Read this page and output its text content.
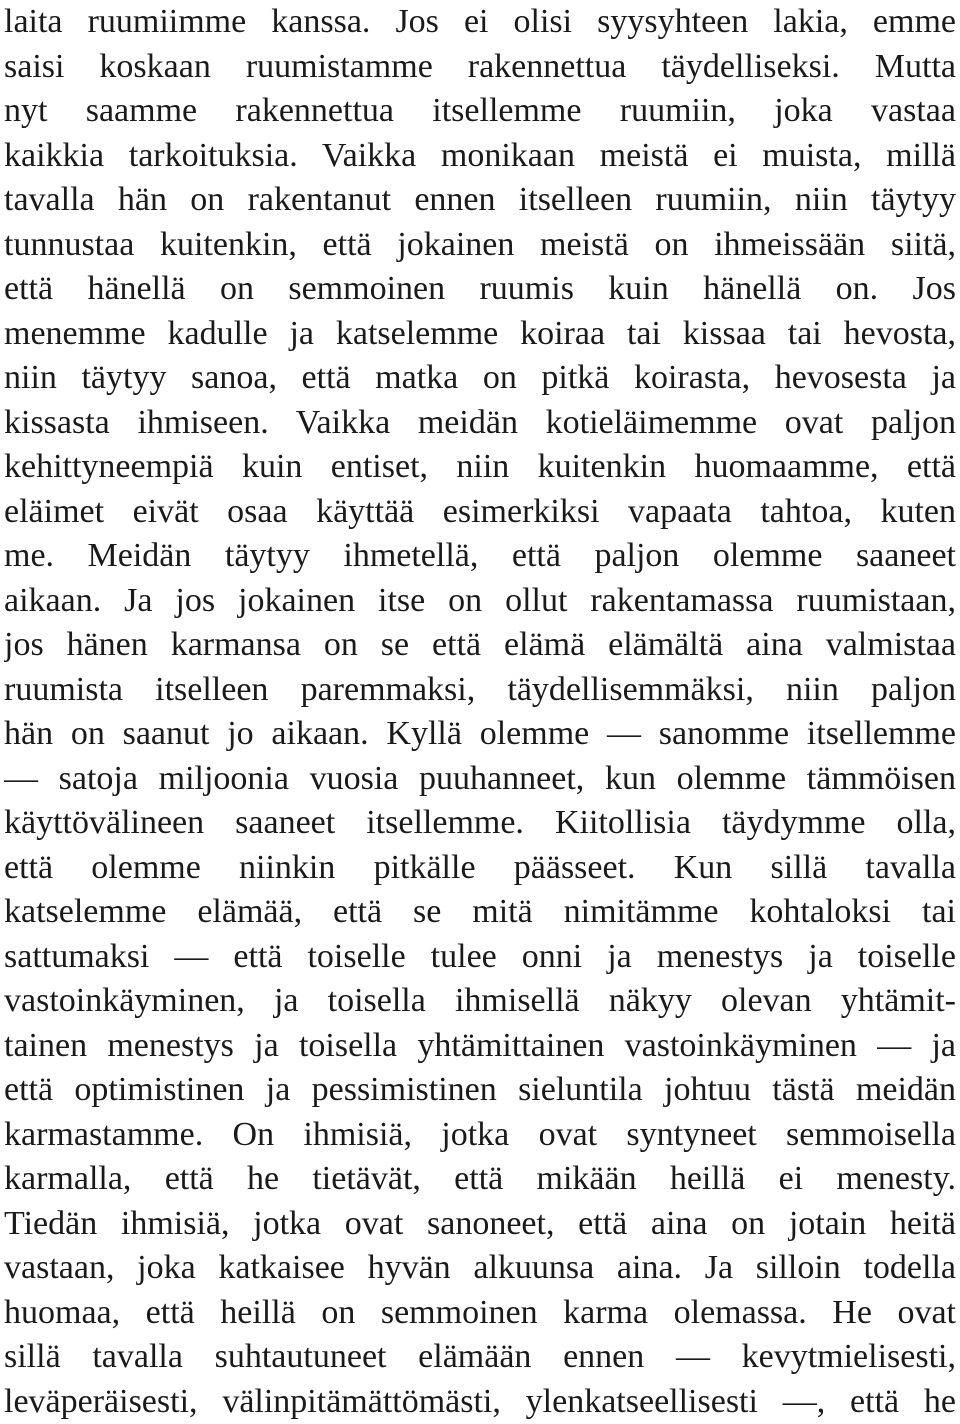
laita ruumiimme kanssa. Jos ei olisi syysyhteen lakia, emme
saisi koskaan ruumistamme rakennettua täydelliseksi. Mutta
nyt saamme rakennettua itsellemme ruumiin, joka vastaa
kaikkia tarkoituksia. Vaikka monikaan meistä ei muista, millä
tavalla hän on rakentanut ennen itselleen ruumiin, niin täytyy
tunnustaa kuitenkin, että jokainen meistä on ihmeissään siitä,
että hänellä on semmoinen ruumis kuin hänellä on. Jos
menemme kadulle ja katselemme koiraa tai kissaa tai hevosta,
niin täytyy sanoa, että matka on pitkä koirasta, hevosesta ja
kissasta ihmiseen. Vaikka meidän kotieläimemme ovat paljon
kehittyneempiä kuin entiset, niin kuitenkin huomaamme, että
eläimet eivät osaa käyttää esimerkiksi vapaata tahtoa, kuten
me. Meidän täytyy ihmetellä, että paljon olemme saaneet
aikaan. Ja jos jokainen itse on ollut rakentamassa ruumistaan,
jos hänen karmansa on se että elämä elämältä aina valmistaa
ruumista itselleen paremmaksi, täydellisemmäksi, niin paljon
hän on saanut jo aikaan. Kyllä olemme — sanomme itsellemme
— satoja miljoonia vuosia puuhanneet, kun olemme tämmöisen
käyttövälineen saaneet itsellemme. Kiitollisia täydymme olla,
että olemme niinkin pitkälle päässeet. Kun sillä tavalla
katselemme elämää, että se mitä nimitämme kohtaloksi tai
sattumaksi — että toiselle tulee onni ja menestys ja toiselle
vastoinkäyminen, ja toisella ihmisellä näkyy olevan yhtämit-
tainen menestys ja toisella yhtämittainen vastoinkäyminen — ja
että optimistinen ja pessimistinen sieluntila johtuu tästä meidän
karmastamme. On ihmisiä, jotka ovat syntyneet semmoisella
karmalla, että he tietävät, että mikään heillä ei menesty.
Tiedän ihmisiä, jotka ovat sanoneet, että aina on jotain heitä
vastaan, joka katkaisee hyvän alkuunsa aina. Ja silloin todella
huomaa, että heillä on semmoinen karma olemassa. He ovat
sillä tavalla suhtautuneet elämään ennen — kevytmielisesti,
leväperäisesti, välinpitämättömästi, ylenkatseellisesti —, että he
